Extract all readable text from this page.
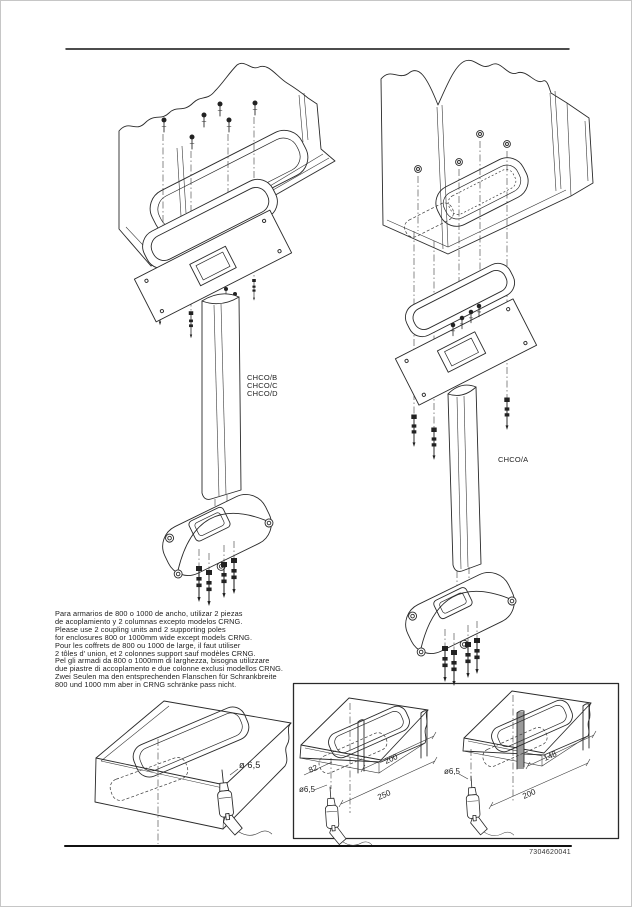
82
200
250
ø6,5
148
200
ø6,5
CHCO/B
CHCO/C
CHCO/D
CHCO/A
Para armarios de 800 o 1000 de ancho, utilizar 2 piezas
de acoplamiento y 2 columnas excepto modelos CRNG.
Please use 2 coupling units and 2 supporting poles
for enclosures 800 or 1000mm wide except models CRNG.
Pour les coffrets de 800 ou 1000 de large, il faut utiliser
2 tôles d' union, et 2 colonnes support sauf modèles CRNG.
Pel gli armadi da 800 o 1000mm di larghezza, bisogna utilizzare
due piastre di accoplamento e due colonne exclusi modellos CRNG.
Zwei Seulen ma den entsprechenden Flanschen für Schrankbreite
800 und 1000 mm aber in CRNG schränke pass nicht.
ø 6,5
7304620041
